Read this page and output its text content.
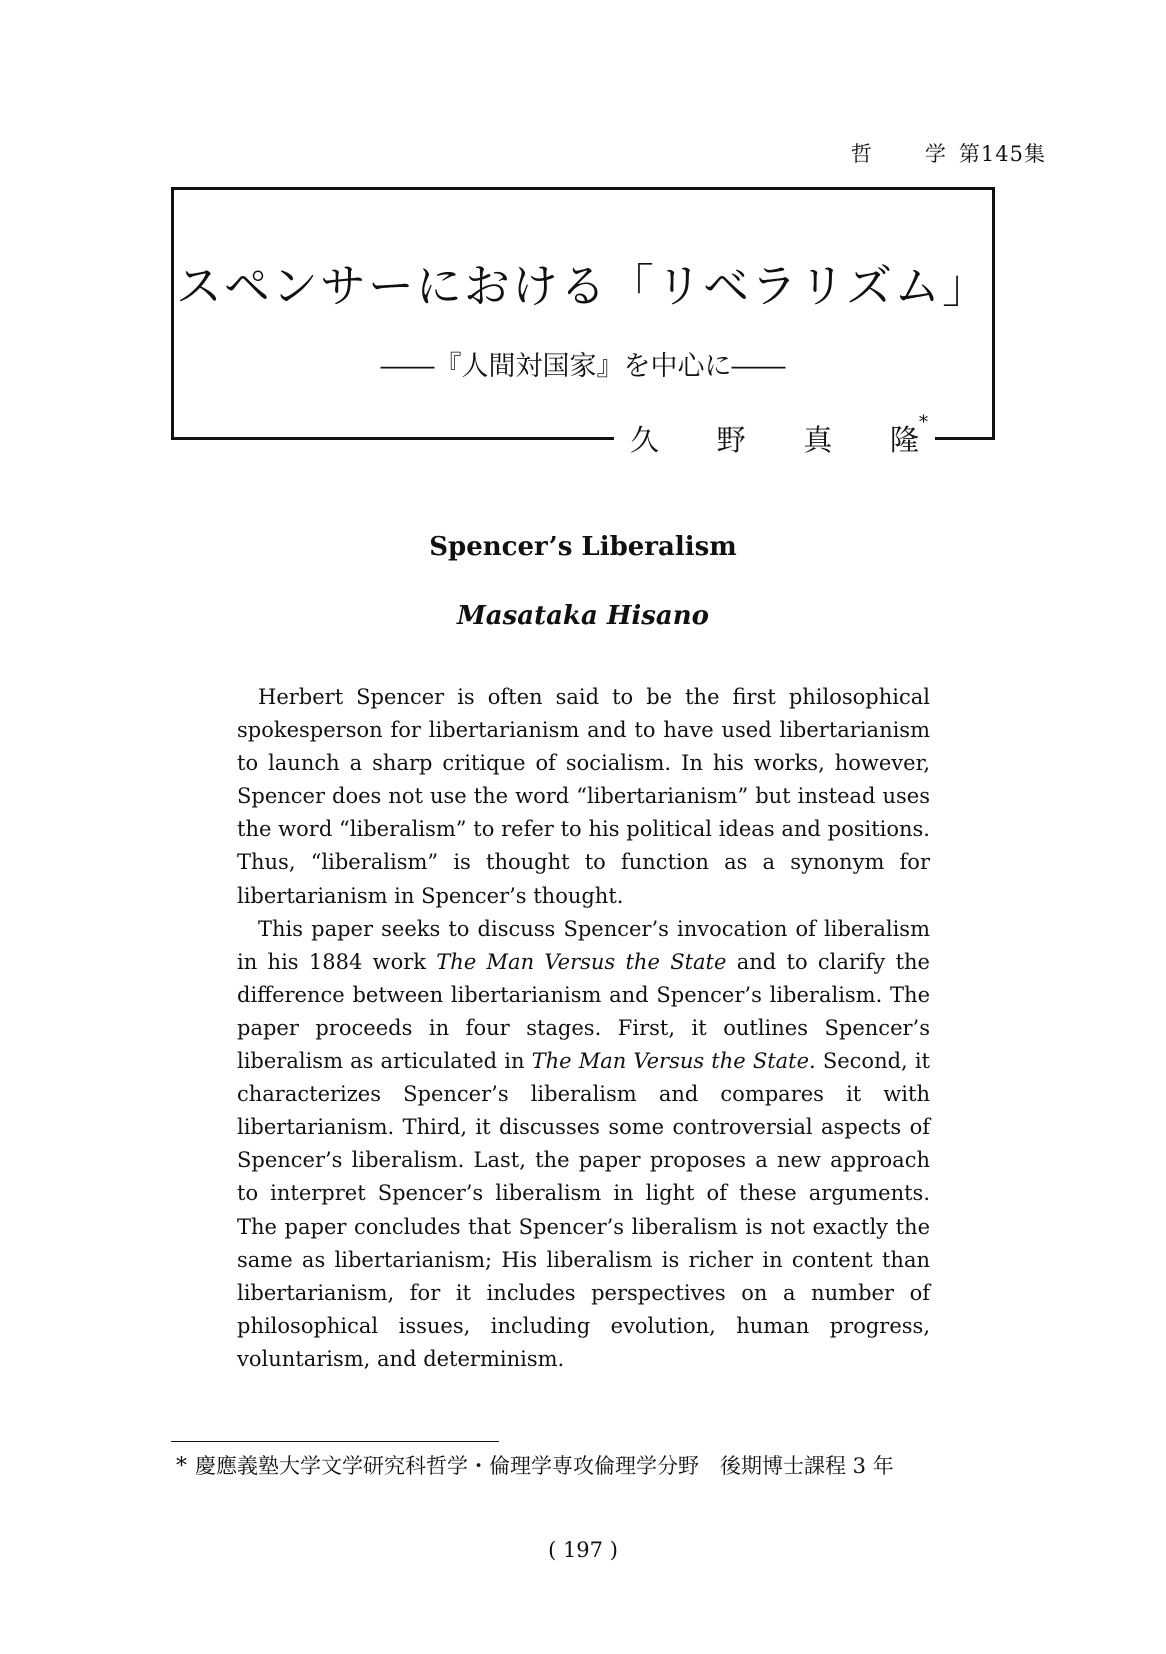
哲 学 第145集
スペンサーにおける「リベラリズム」
――『人間対国家』を中心に――
久 野 真 隆*
Spencer’s Liberalism
Masataka Hisano

Herbert Spencer is often said to be the first philosophical spokesperson for libertarianism and to have used libertarianism to launch a sharp critique of socialism. In his works, however, Spencer does not use the word “libertarianism” but instead uses the word “liberalism” to refer to his political ideas and positions. Thus, “liberalism” is thought to function as a synonym for libertarianism in Spencer’s thought.

This paper seeks to discuss Spencer’s invocation of liberalism in his 1884 work The Man Versus the State and to clarify the difference between libertarianism and Spencer’s liberalism. The paper proceeds in four stages. First, it outlines Spencer’s liberalism as articulated in The Man Versus the State. Second, it characterizes Spencer’s liberalism and compares it with libertarianism. Third, it discusses some controversial aspects of Spencer’s liberalism. Last, the paper proposes a new approach to interpret Spencer’s liberalism in light of these arguments. The paper concludes that Spencer’s liberalism is not exactly the same as libertarianism; His liberalism is richer in content than libertarianism, for it includes perspectives on a number of philosophical issues, including evolution, human progress, voluntarism, and determinism.

* 慶應義塾大学文学研究科哲学・倫理学専攻倫理学分野　後期博士課程 3 年
( 197 )
